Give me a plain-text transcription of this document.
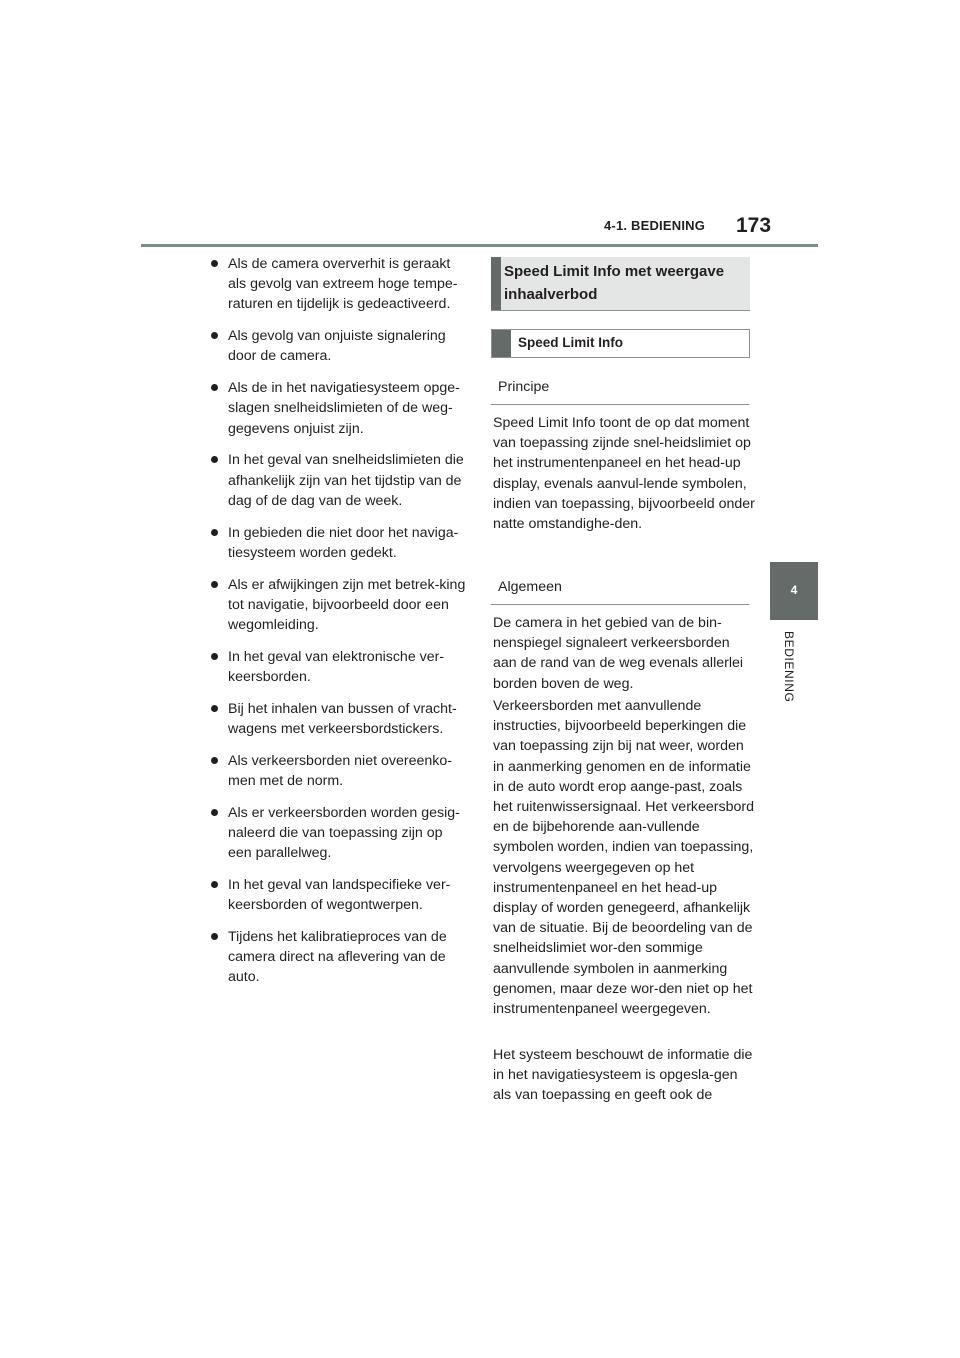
4-1. BEDIENING 173
4
BEDIENING
Als de camera oververhit is geraakt als gevolg van extreem hoge tempe-raturen en tijdelijk is gedeactiveerd.
Als gevolg van onjuiste signalering door de camera.
Als de in het navigatiesysteem opge-slagen snelheidslimieten of de weg-gegevens onjuist zijn.
In het geval van snelheidslimieten die afhankelijk zijn van het tijdstip van de dag of de dag van de week.
In gebieden die niet door het naviga-tiesysteem worden gedekt.
Als er afwijkingen zijn met betrek-king tot navigatie, bijvoorbeeld door een wegomleiding.
In het geval van elektronische ver-keersborden.
Bij het inhalen van bussen of vracht-wagens met verkeersbordstickers.
Als verkeersborden niet overeenko-men met de norm.
Als er verkeersborden worden gesig-naleerd die van toepassing zijn op een parallelweg.
In het geval van landspecifieke ver-keersborden of wegontwerpen.
Tijdens het kalibratieproces van de camera direct na aflevering van de auto.
Speed Limit Info met weergave inhaalverbod
Speed Limit Info
Principe

Speed Limit Info toont de op dat moment van toepassing zijnde snel-heidslimiet op het instrumentenpaneel en het head-up display, evenals aanvul-lende symbolen, indien van toepassing, bijvoorbeeld onder natte omstandighe-den.

Algemeen

De camera in het gebied van de bin-nenspiegel signaleert verkeersborden aan de rand van de weg evenals allerlei borden boven de weg.

Verkeersborden met aanvullende instructies, bijvoorbeeld beperkingen die van toepassing zijn bij nat weer, worden in aanmerking genomen en de informatie in de auto wordt erop aange-past, zoals het ruitenwissersignaal. Het verkeersbord en de bijbehorende aan-vullende symbolen worden, indien van toepassing, vervolgens weergegeven op het instrumentenpaneel en het head-up display of worden genegeerd, afhankelijk van de situatie. Bij de beoordeling van de snelheidslimiet wor-den sommige aanvullende symbolen in aanmerking genomen, maar deze wor-den niet op het instrumentenpaneel weergegeven.

Het systeem beschouwt de informatie die in het navigatiesysteem is opgesla-gen als van toepassing en geeft ook de
